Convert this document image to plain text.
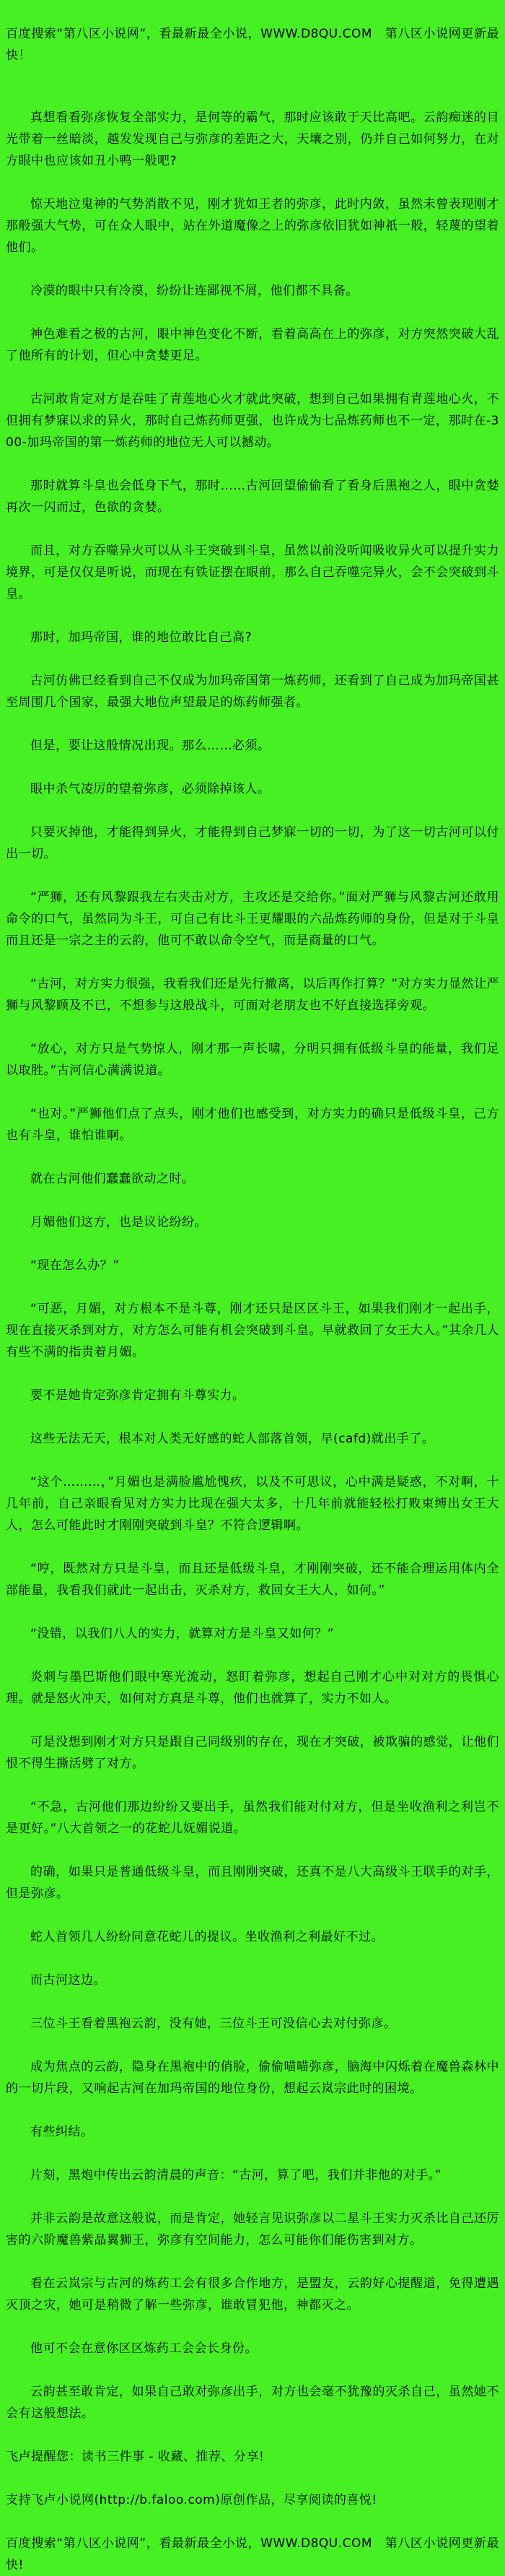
百度搜索“第八区小说网”，看最新最全小说，WWW.D8QU.COM　第八区小说网更新最快！

真想看看弥彦恢复全部实力，是何等的霸气，那时应该敢于天比高吧。云韵痴迷的目光带着一丝暗淡，越发发现自己与弥彦的差距之大，天壤之别，仍并自己如何努力，在对方眼中也应该如丑小鸭一般吧?

惊天地泣鬼神的气势消散不见，刚才犹如王者的弥彦，此时内敛，虽然未曾表现刚才那般强大气势，可在众人眼中，站在外道魔像之上的弥彦依旧犹如神祇一般，轻蔑的望着他们。

冷漠的眼中只有冷漠，纷纷让连鄙视不屑，他们都不具备。

神色难看之极的古河，眼中神色变化不断，看着高高在上的弥彦，对方突然突破大乱了他所有的计划，但心中贪婪更足。

古河敢肯定对方是吞哇了青莲地心火才就此突破，想到自己如果拥有青莲地心火，不但拥有梦寐以求的异火，那时自己炼药师更强，也许成为七品炼药师也不一定，那时在-300-加玛帝国的第一炼药师的地位无人可以撼动。

那时就算斗皇也会低身下气，那时……古河回望偷偷看了看身后黑袍之人，眼中贪婪再次一闪而过，色欲的贪婪。

而且，对方吞噬异火可以从斗王突破到斗皇，虽然以前没听闻吸收异火可以提升实力境界，可是仅仅是听说，而现在有铁证摆在眼前，那么自己吞噬完异火，会不会突破到斗皇。

那时，加玛帝国，谁的地位敢比自己高?

古河仿佛已经看到自己不仅成为加玛帝国第一炼药师，还看到了自己成为加玛帝国甚至周围几个国家，最强大地位声望最足的炼药师强者。

但是，要让这般情况出现。那么……必须。

眼中杀气凌厉的望着弥彦，必须除掉该人。

只要灭掉他，才能得到异火，才能得到自己梦寐一切的一切，为了这一切古河可以付出一切。

“严狮，还有风黎跟我左右夹击对方，主攻还是交给你。”面对严狮与风黎古河还敢用命令的口气，虽然同为斗王，可自己有比斗王更耀眼的六品炼药师的身份，但是对于斗皇而且还是一宗之主的云韵，他可不敢以命令空气，而是商量的口气。

“古河，对方实力很强，我看我们还是先行撤离，以后再作打算？”对方实力显然让严狮与风黎顾及不已，不想参与这般战斗，可面对老朋友也不好直接选择旁观。

“放心，对方只是气势惊人，刚才那一声长啸，分明只拥有低级斗皇的能量，我们足以取胜。”古河信心满满说道。

“也对。”严狮他们点了点头，刚才他们也感受到，对方实力的确只是低级斗皇，己方也有斗皇，谁怕谁啊。

就在古河他们蠢蠢欲动之时。

月媚他们这方，也是议论纷纷。

“现在怎么办？”

“可恶，月媚，对方根本不是斗尊，刚才还只是区区斗王，如果我们刚才一起出手，现在直接灭杀到对方，对方怎么可能有机会突破到斗皇。早就救回了女王大人。”其余几人有些不满的指责着月媚。

要不是她肯定弥彦肯定拥有斗尊实力。

这些无法无天，根本对人类无好感的蛇人部落首领，早(cafd)就出手了。

“这个………，”月媚也是满脸尴尬愧疚，以及不可思议，心中满是疑惑，不对啊，十几年前，自己亲眼看见对方实力比现在强大太多，十几年前就能轻松打败束缚出女王大人，怎么可能此时才刚刚突破到斗皇？不符合逻辑啊。

“哼，既然对方只是斗皇，而且还是低级斗皇，才刚刚突破，还不能合理运用体内全部能量，我看我们就此一起出击，灭杀对方，救回女王大人，如何。”

“没错，以我们八人的实力，就算对方是斗皇又如何？”

炎刺与墨巴斯他们眼中寒光流动，怒盯着弥彦，想起自己刚才心中对对方的畏惧心理。就是怒火冲天，如何对方真是斗尊，他们也就算了，实力不如人。

可是没想到刚才对方只是跟自己同级别的存在，现在才突破，被欺骗的感觉，让他们恨不得生撕活劈了对方。

“不急，古河他们那边纷纷又要出手，虽然我们能对付对方，但是坐收渔利之利岂不是更好。”八大首领之一的花蛇儿妩媚说道。

的确，如果只是普通低级斗皇，而且刚刚突破，还真不是八大高级斗王联手的对手，但是弥彦。

蛇人首领几人纷纷同意花蛇儿的提议。坐收渔利之利最好不过。

而古河这边。

三位斗王看着黑袍云韵，没有她，三位斗王可没信心去对付弥彦。

成为焦点的云韵，隐身在黑袍中的俏脸，偷偷喵喵弥彦，脑海中闪烁着在魔兽森林中的一切片段，又响起古河在加玛帝国的地位身份，想起云岚宗此时的困境。

有些纠结。

片刻，黑炮中传出云韵清晨的声音：“古河，算了吧，我们并非他的对手。”

并非云韵是故意这般说，而是肯定，她轻言见识弥彦以二星斗王实力灭杀比自己还厉害的六阶魔兽紫晶翼狮王，弥彦有空间能力，怎么可能你们能伤害到对方。

看在云岚宗与古河的炼药工会有很多合作地方，是盟友，云韵好心提醒道，免得遭遇灭顶之灾，她可是稍微了解一些弥彦，谁敢冒犯他，神都灭之。

他可不会在意你区区炼药工会会长身份。

云韵甚至敢肯定，如果自己敢对弥彦出手，对方也会毫不犹豫的灭杀自己，虽然她不会有这般想法。

飞卢提醒您：读书三件事 - 收藏、推荐、分享!

支持飞卢小说网(http://b.faloo.com)原创作品，尽享阅读的喜悦!

百度搜索“第八区小说网”，看最新最全小说，WWW.D8QU.COM　第八区小说网更新最快!
